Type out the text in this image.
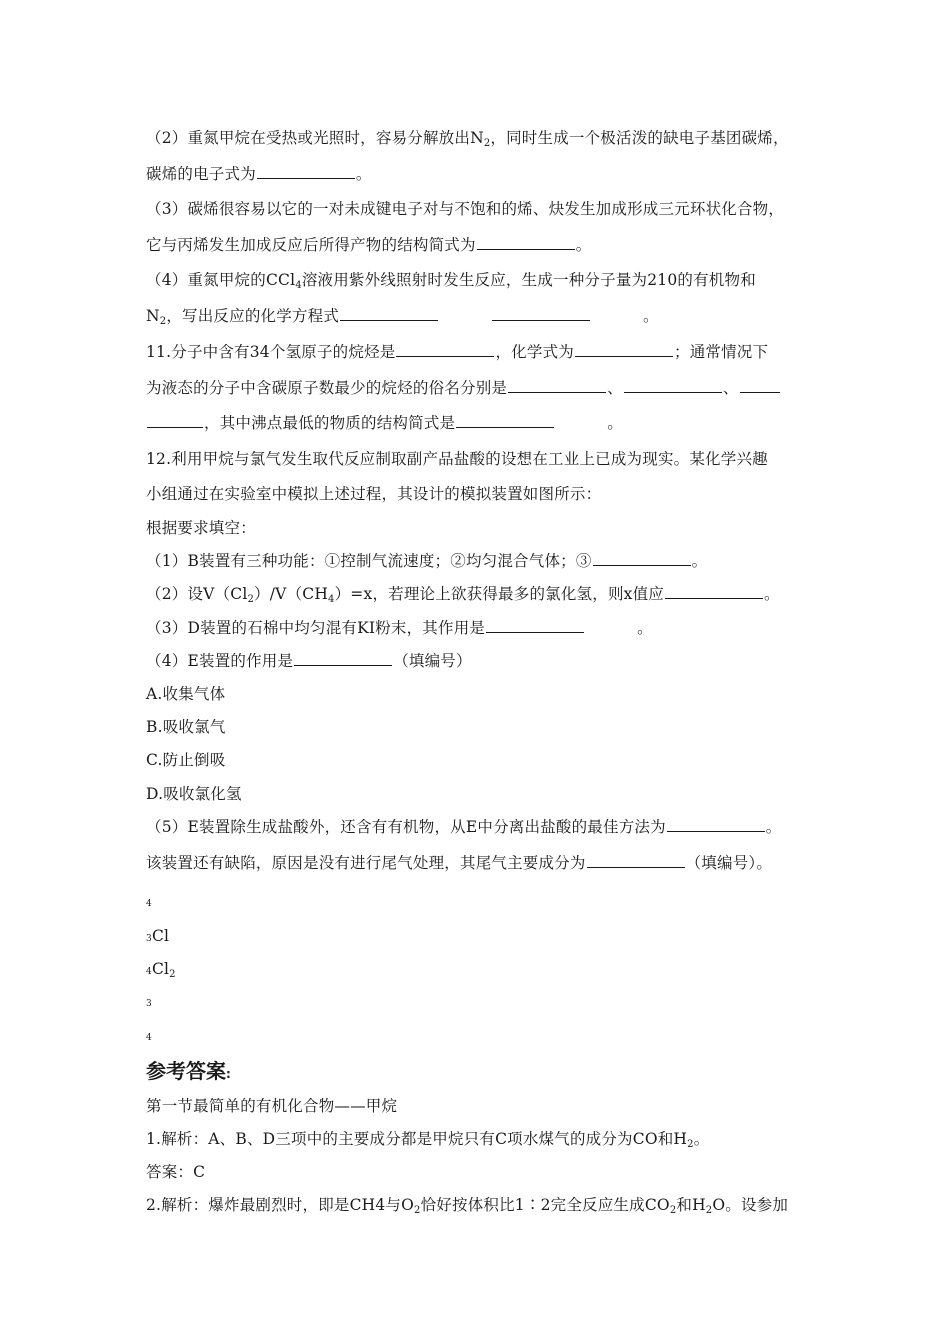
（2）重氮甲烷在受热或光照时，容易分解放出$N_2$，同时生成一个极活泼的缺电子基团碳烯，
碳烯的电子式为	。
（3）碳烯很容易以它的一对未成键电子对与不饱和的烯、炔发生加成形成三元环状化合物，
它与丙烯发生加成反应后所得产物的结构简式为	。
（4）重氮甲烷的CCl$_4$溶液用紫外线照射时发生反应，生成一种分子量为210的有机物和
$N_2$，写出反应的化学方程式	。
11.分子中含有34个氢原子的烷烃是	，化学式为	；通常情况下
为液态的分子中含碳原子数最少的烷烃的俗名分别是	、	、
，其中沸点最低的物质的结构简式是	。
12.利用甲烷与氯气发生取代反应制取副产品盐酸的设想在工业上已成为现实。某化学兴趣
小组通过在实验室中模拟上述过程，其设计的模拟装置如图所示：
根据要求填空：
（1）B装置有三种功能：①控制气流速度；②均匀混合气体；③	。
（2）设$V(Cl_2)/V(CH_4)=x$，若理论上欲获得最多的氯化氢，则x值应	。
（3）D装置的石棉中均匀混有KI粉末，其作用是	。
（4）E装置的作用是	（填编号）
A.收集气体
B.吸收氯气
C.防止倒吸
D.吸收氯化氢
（5）E装置除生成盐酸外，还含有有机物，从E中分离出盐酸的最佳方法为	。
该装置还有缺陷，原因是没有进行尾气处理，其尾气主要成分为	（填编号）。
4
3Cl
$4Cl_2$
3
4
参考答案:
第一节最简单的有机化合物——甲烷
1.解析：A、B、D三项中的主要成分都是甲烷只有C项水煤气的成分为CO和$H_2$。
答案：C
2.解析：爆炸最剧烈时，即是CH4与$O_2$恰好按体积比1∶2完全反应生成$CO_2$和$H_2O$。设参加
